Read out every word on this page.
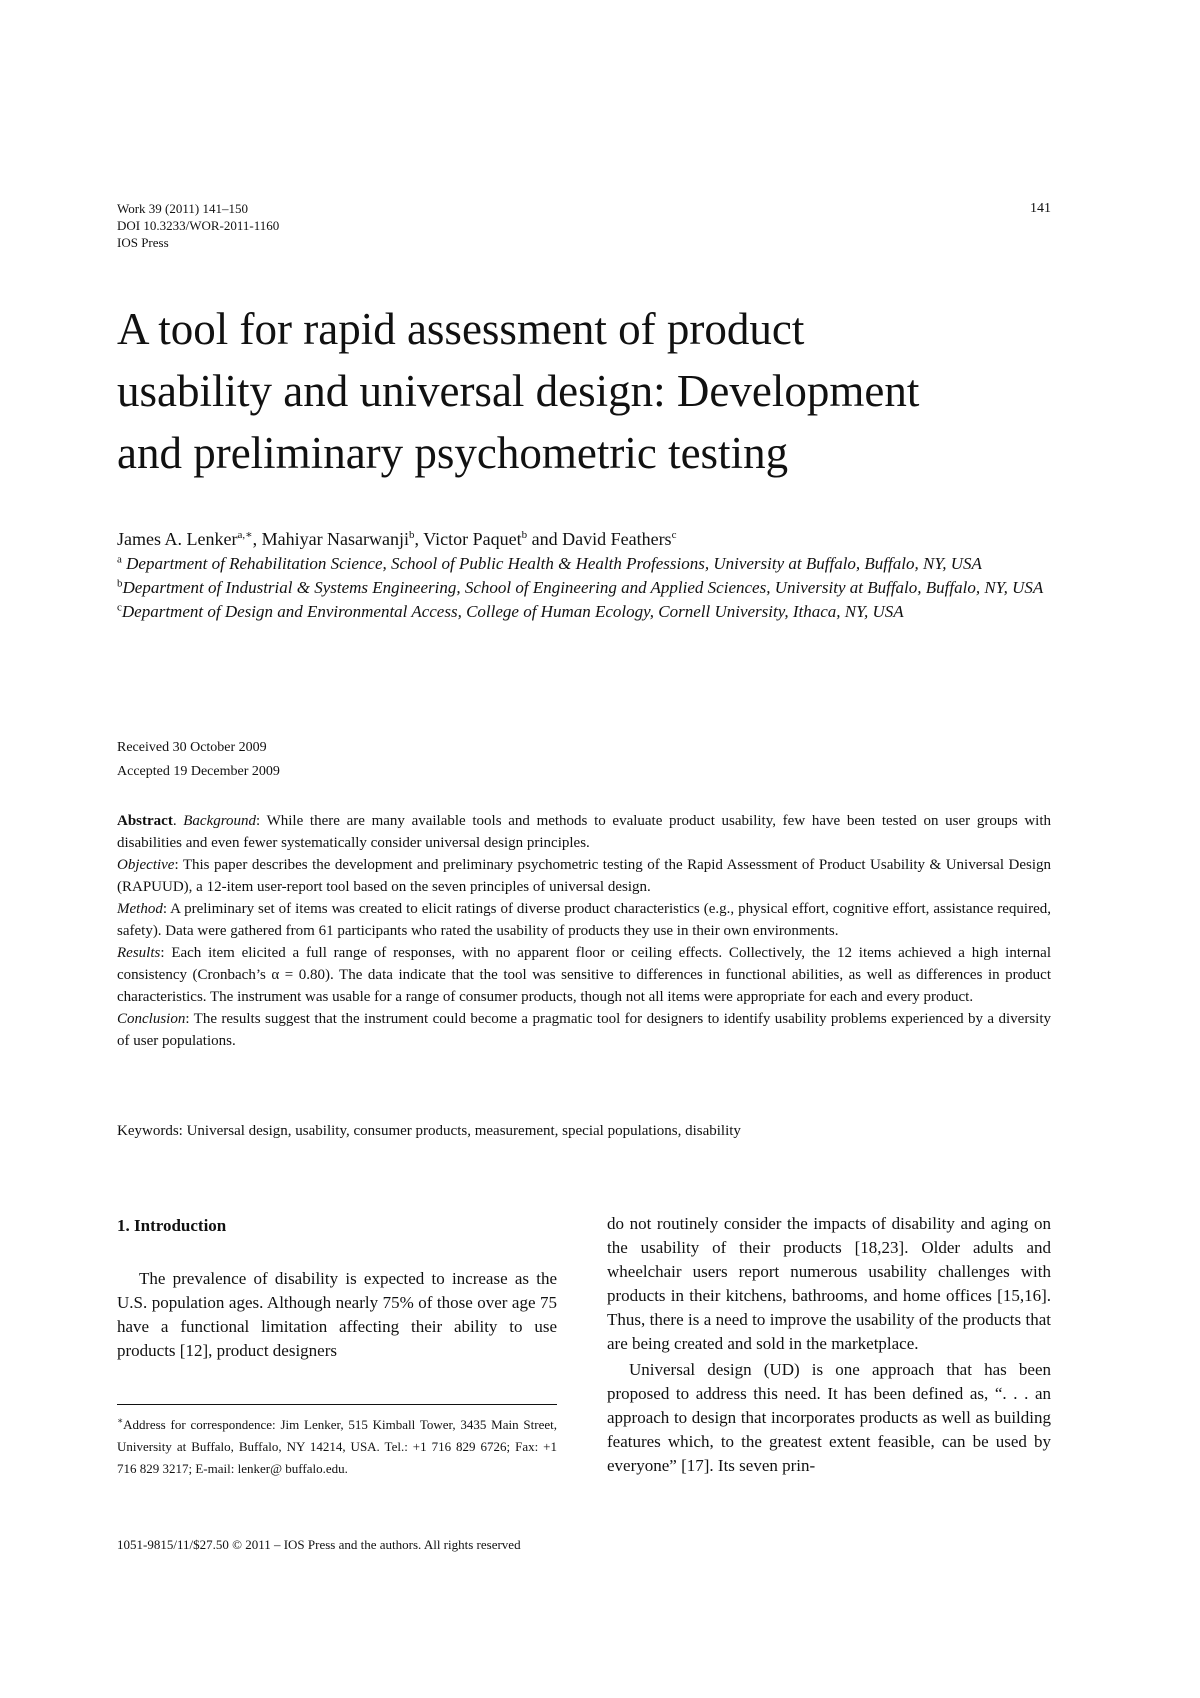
Work 39 (2011) 141–150
DOI 10.3233/WOR-2011-1160
IOS Press
141
A tool for rapid assessment of product
usability and universal design: Development
and preliminary psychometric testing
James A. Lenker$^{a,∗}$, Mahiyar Nasarwanji$^b$, Victor Paquet$^b$ and David Feathers$^c$
$^a$ Department of Rehabilitation Science, School of Public Health & Health Professions, University at Buffalo, Buffalo, NY, USA
$^b$Department of Industrial & Systems Engineering, School of Engineering and Applied Sciences, University at Buffalo, Buffalo, NY, USA
$^c$Department of Design and Environmental Access, College of Human Ecology, Cornell University, Ithaca, NY, USA
Received 30 October 2009
Accepted 19 December 2009

Abstract. Background: While there are many available tools and methods to evaluate product usability, few have been tested on user groups with disabilities and even fewer systematically consider universal design principles.

Objective: This paper describes the development and preliminary psychometric testing of the Rapid Assessment of Product Usability & Universal Design (RAPUUD), a 12-item user-report tool based on the seven principles of universal design.

Method: A preliminary set of items was created to elicit ratings of diverse product characteristics (e.g., physical effort, cognitive effort, assistance required, safety). Data were gathered from 61 participants who rated the usability of products they use in their own environments.

Results: Each item elicited a full range of responses, with no apparent floor or ceiling effects. Collectively, the 12 items achieved a high internal consistency (Cronbach’s α = 0.80). The data indicate that the tool was sensitive to differences in functional abilities, as well as differences in product characteristics. The instrument was usable for a range of consumer products, though not all items were appropriate for each and every product.

Conclusion: The results suggest that the instrument could become a pragmatic tool for designers to identify usability problems experienced by a diversity of user populations.

Keywords: Universal design, usability, consumer products, measurement, special populations, disability
1. Introduction

The prevalence of disability is expected to increase as the U.S. population ages. Although nearly 75% of those over age 75 have a functional limitation affecting their ability to use products [12], product designers

do not routinely consider the impacts of disability and aging on the usability of their products [18,23]. Older adults and wheelchair users report numerous usability challenges with products in their kitchens, bathrooms, and home offices [15,16]. Thus, there is a need to improve the usability of the products that are being created and sold in the marketplace.

Universal design (UD) is one approach that has been proposed to address this need. It has been defined as, “. . . an approach to design that incorporates products as well as building features which, to the greatest extent feasible, can be used by everyone” [17]. Its seven prin-

∗Address for correspondence: Jim Lenker, 515 Kimball Tower, 3435 Main Street, University at Buffalo, Buffalo, NY 14214, USA. Tel.: +1 716 829 6726; Fax: +1 716 829 3217; E-mail: lenker@ buffalo.edu.
1051-9815/11/$27.50 © 2011 – IOS Press and the authors. All rights reserved
